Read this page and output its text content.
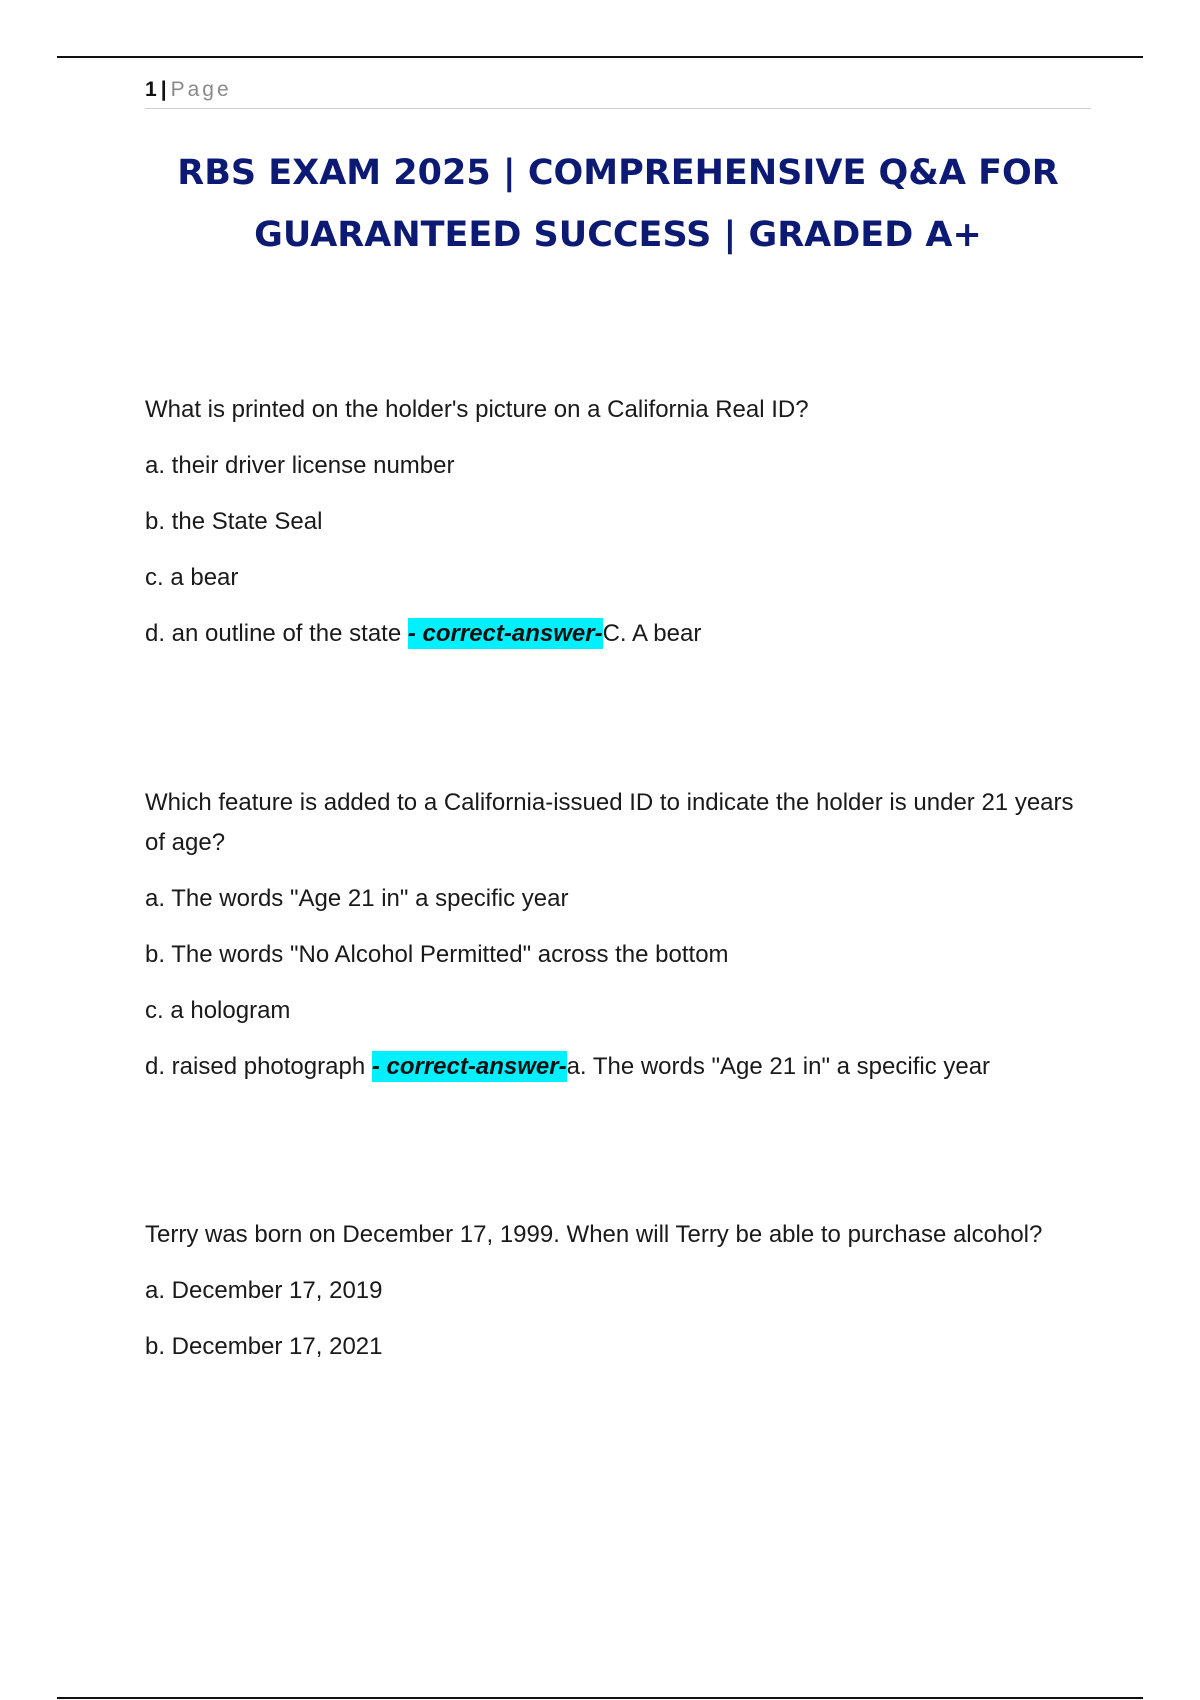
1 | Page
RBS EXAM 2025 | COMPREHENSIVE Q&A FOR
GUARANTEED SUCCESS | GRADED A+

What is printed on the holder's picture on a California Real ID?

a. their driver license number

b. the State Seal

c. a bear

d. an outline of the state - correct-answer-C. A bear

Which feature is added to a California-issued ID to indicate the holder is under 21 years of age?

a. The words "Age 21 in" a specific year

b. The words "No Alcohol Permitted" across the bottom

c. a hologram

d. raised photograph - correct-answer-a. The words "Age 21 in" a specific year

Terry was born on December 17, 1999. When will Terry be able to purchase alcohol?

a. December 17, 2019

b. December 17, 2021
